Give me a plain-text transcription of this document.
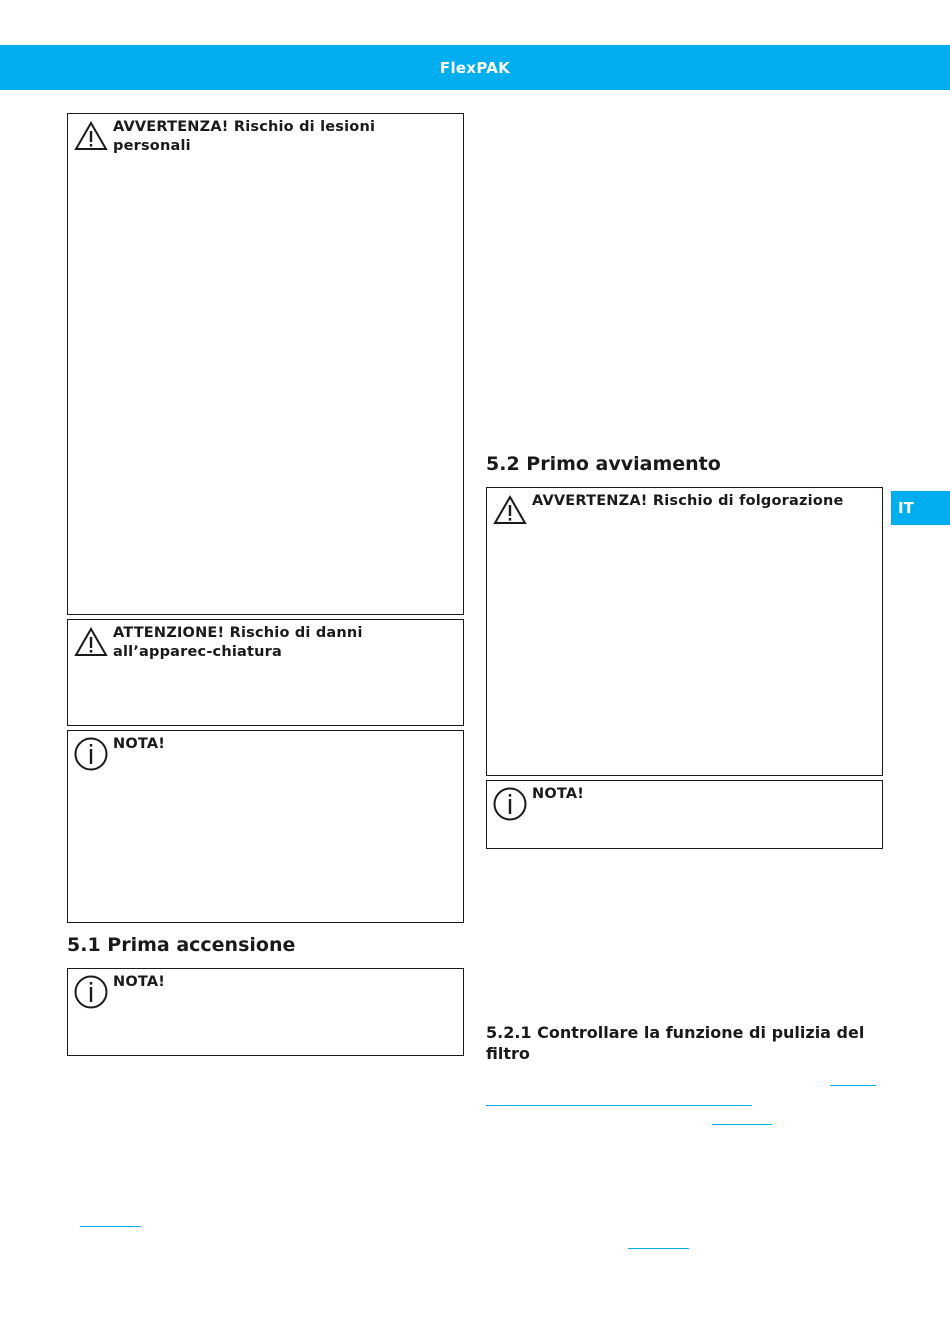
FlexPAK
IT
AVVERTENZA! Rischio di lesioni personali
ATTENZIONE! Rischio di danni all’apparec-chiatura
NOTA!
5.1 Prima accensione
NOTA!
5.2 Primo avviamento
AVVERTENZA! Rischio di folgorazione
NOTA!
5.2.1 Controllare la funzione di pulizia del filtro
